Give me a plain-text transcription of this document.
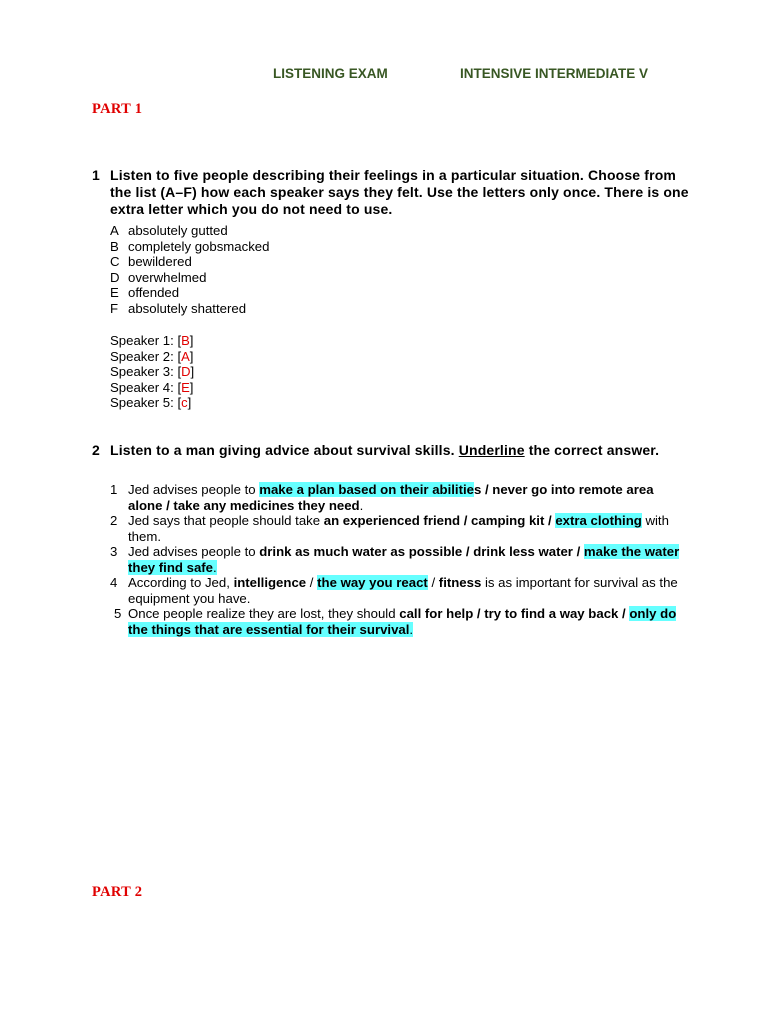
LISTENING EXAM	INTENSIVE INTERMEDIATE V
PART 1
1 Listen to five people describing their feelings in a particular situation. Choose from the list (A–F) how each speaker says they felt. Use the letters only once. There is one extra letter which you do not need to use.
A absolutely gutted
B completely gobsmacked
C bewildered
D overwhelmed
E offended
F absolutely shattered
Speaker 1: [B]
Speaker 2: [A]
Speaker 3: [D]
Speaker 4: [E]
Speaker 5: [c]
2 Listen to a man giving advice about survival skills. Underline the correct answer.
1 Jed advises people to make a plan based on their abilities / never go into remote area alone / take any medicines they need.
2 Jed says that people should take an experienced friend / camping kit / extra clothing with them.
3 Jed advises people to drink as much water as possible / drink less water / make the water they find safe.
4 According to Jed, intelligence / the way you react / fitness is as important for survival as the equipment you have.
5 Once people realize they are lost, they should call for help / try to find a way back / only do the things that are essential for their survival.
PART 2
